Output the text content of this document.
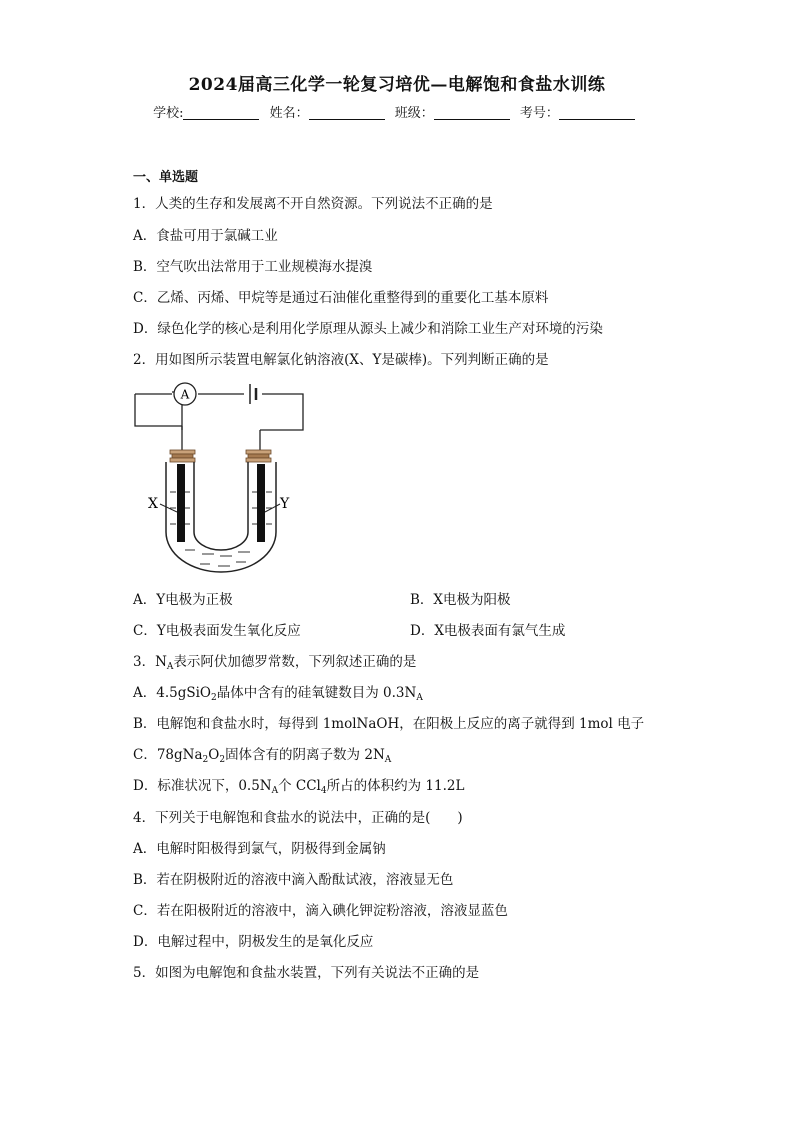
2024届高三化学一轮复习培优—电解饱和食盐水训练
学校:	姓名：	班级：	考号：
一、单选题
1．人类的生存和发展离不开自然资源。下列说法不正确的是
A．食盐可用于氯碱工业
B．空气吹出法常用于工业规模海水提溴
C．乙烯、丙烯、甲烷等是通过石油催化重整得到的重要化工基本原料
D．绿色化学的核心是利用化学原理从源头上减少和消除工业生产对环境的污染
2．用如图所示装置电解氯化钠溶液(X、Y是碳棒)。下列判断正确的是
A
X	Y
A．Y电极为正极	B．X电极为阳极
C．Y电极表面发生氧化反应	D．X电极表面有氯气生成
3．$N_A$表示阿伏加德罗常数，下列叙述正确的是
A．4.5gSiO$_2$晶体中含有的硅氧键数目为 $0.3N_A$
B．电解饱和食盐水时，每得到 1molNaOH，在阳极上反应的离子就得到 1mol 电子
C．$78gNa_2O_2$固体含有的阴离子数为 $2N_A$
D．标准状况下，$0.5N_A$个 CCl$_4$所占的体积约为 11.2L
4．下列关于电解饱和食盐水的说法中，正确的是(　　)
A．电解时阳极得到氯气，阴极得到金属钠
B．若在阴极附近的溶液中滴入酚酞试液，溶液显无色
C．若在阳极附近的溶液中，滴入碘化钾淀粉溶液，溶液显蓝色
D．电解过程中，阴极发生的是氧化反应
5．如图为电解饱和食盐水装置，下列有关说法不正确的是
